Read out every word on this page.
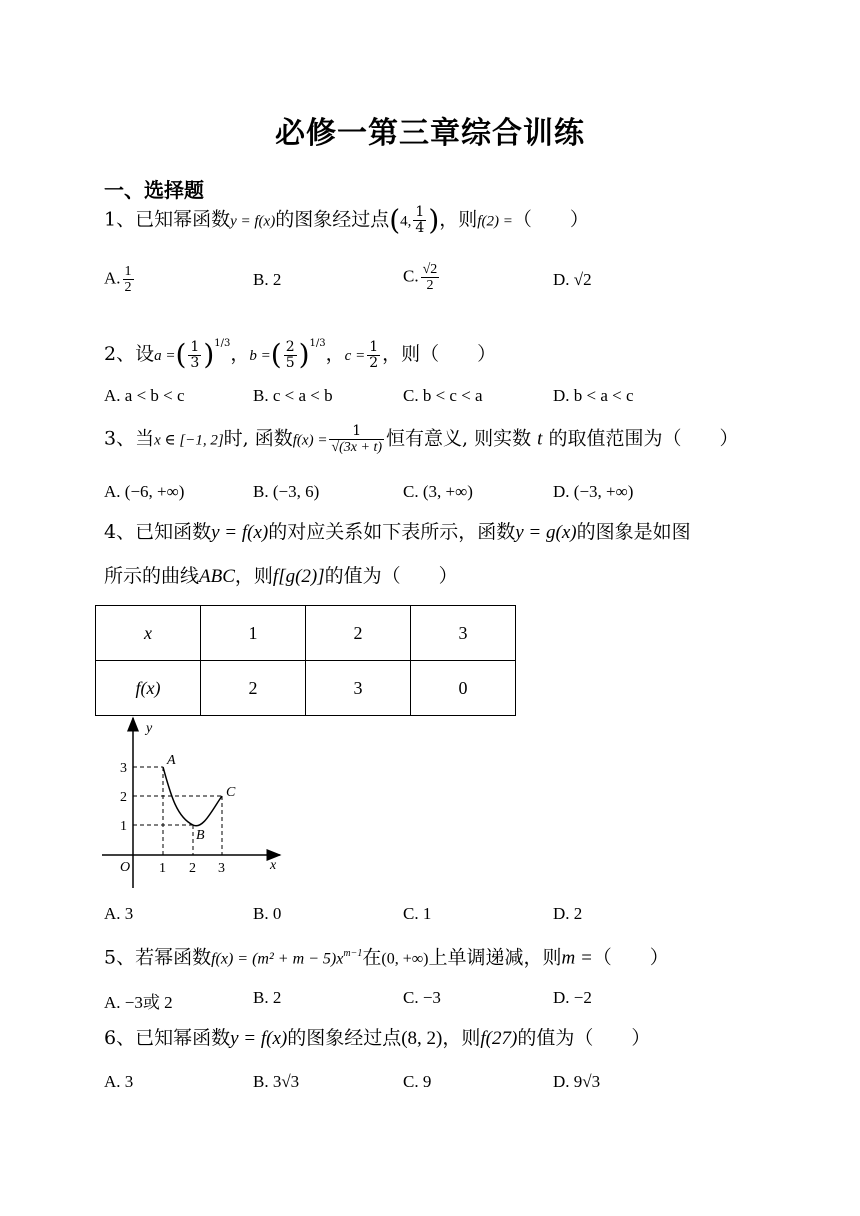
必修一第三章综合训练
一、选择题
1、已知幂函数y = f(x)的图象经过点(4, $\frac{1}{4}$ )，则f(2) =（　　）
A. $\frac{1}{2}$	B. 2	C. $\frac{√2}{2}$	D. √2
2、设a =( $\frac{1}{3} )^{1/3}$，b =( $\frac{2}{5} )^{1/3}$，$c = \frac{1}{2}$ ，则（　　）
A. a < b < c	B. c < a < b	C. b < c < a	D. b < a < c
3、当x ∈ [−1, 2]时, 函数$f(x) = \frac{1}{√(3x + t)}$ 恒有意义, 则实数 t 的取值范围为（　　）
A. (−6, +∞)	B. (−3, 6)	C. (3, +∞)	D. (−3, +∞)
4、已知函数y = f(x)的对应关系如下表所示，函数y = g(x)的图象是如图
所示的曲线ABC，则f[g(2)]的值为（　　）
x	1	2	3
f(x)	2	3	0
y
x
O
1
2
3
1 2 3
A
B
C
A. 3	B. 0	C. 1	D. 2
5、若幂函数$f(x) = (m^2 + m - 5)x^{m-1}$在(0, +∞)上单调递减，则m =（　　）
A. −3或 2	B. 2	C. −3	D. −2
6、已知幂函数y = f(x)的图象经过点(8, 2)，则f(27)的值为（　　）
A. 3	B. 3√3	C. 9	D. 9√3
